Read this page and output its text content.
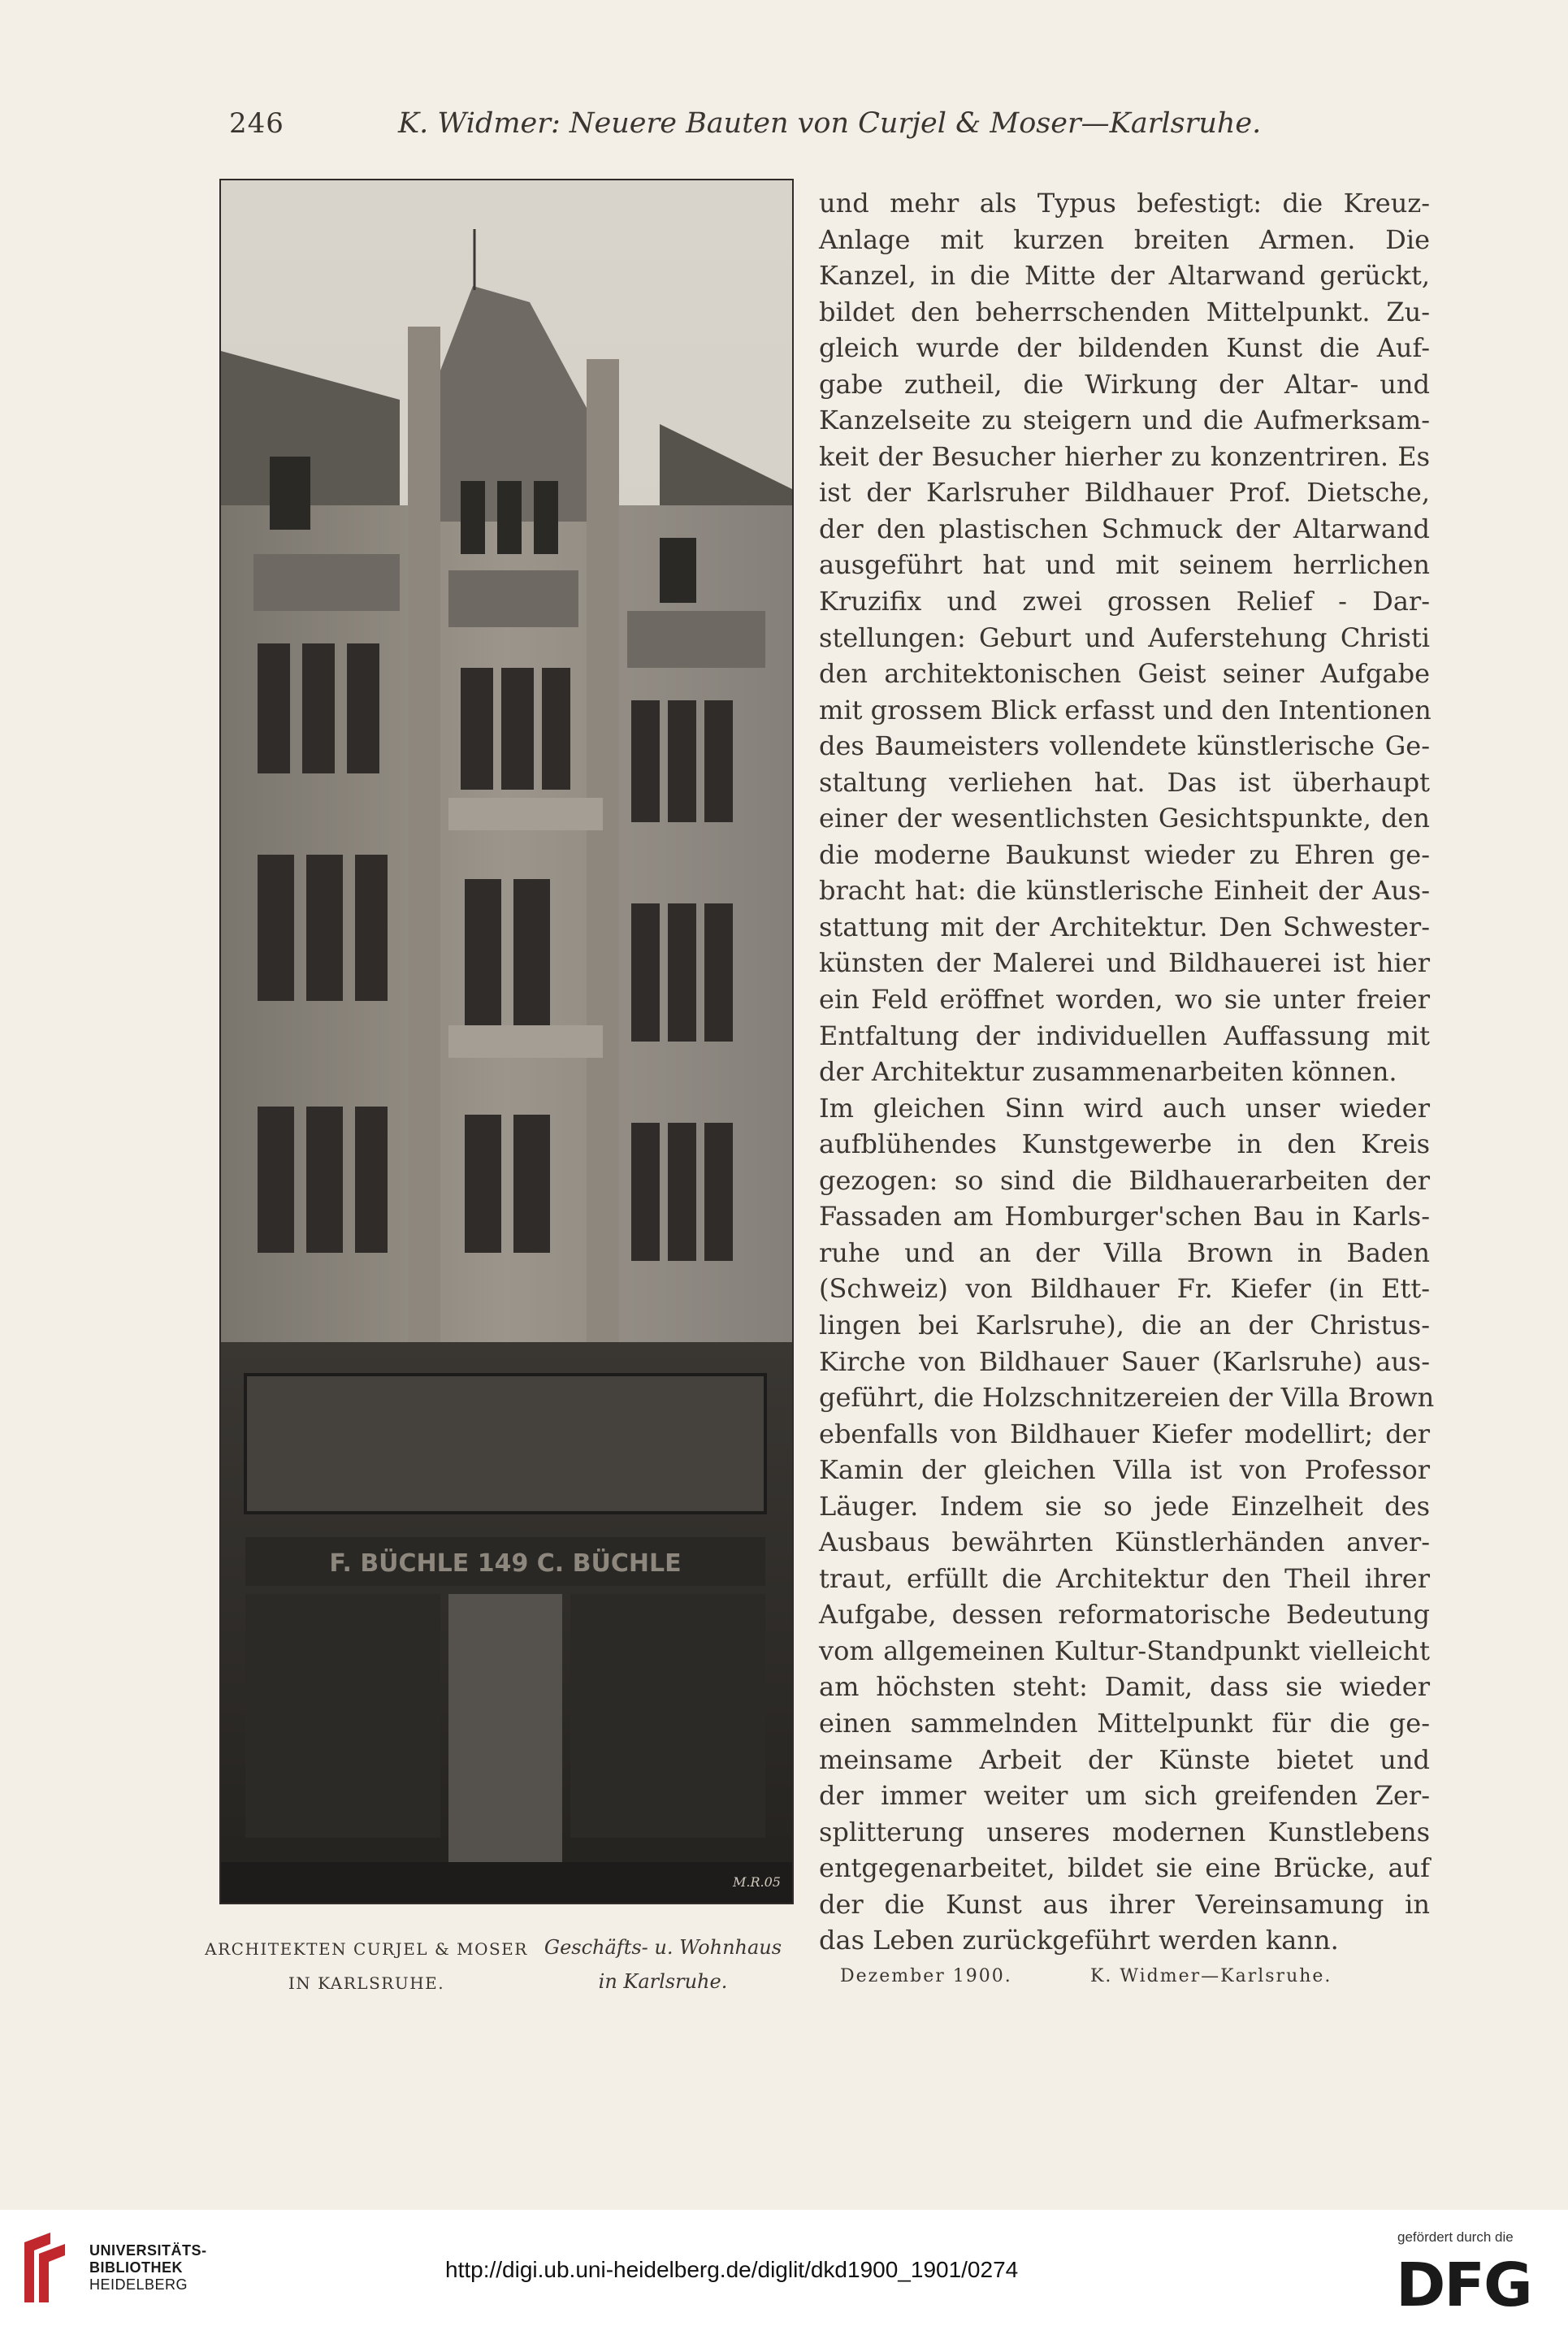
246	K. Widmer: Neuere Bauten von Curjel & Moser—Karlsruhe.
F. BÜCHLE 149 C. BÜCHLE
M.R.05
ARCHITEKTEN CURJEL & MOSER
IN KARLSRUHE.
Geschäfts- u. Wohnhaus
in Karlsruhe.
und mehr als Typus befestigt: die Kreuz-
Anlage mit kurzen breiten Armen. Die
Kanzel, in die Mitte der Altarwand gerückt,
bildet den beherrschenden Mittelpunkt. Zu-
gleich wurde der bildenden Kunst die Auf-
gabe zutheil, die Wirkung der Altar- und
Kanzelseite zu steigern und die Aufmerksam-
keit der Besucher hierher zu konzentriren. Es
ist der Karlsruher Bildhauer Prof. Dietsche,
der den plastischen Schmuck der Altarwand
ausgeführt hat und mit seinem herrlichen
Kruzifix und zwei grossen Relief - Dar-
stellungen: Geburt und Auferstehung Christi
den architektonischen Geist seiner Aufgabe
mit grossem Blick erfasst und den Intentionen
des Baumeisters vollendete künstlerische Ge-
staltung verliehen hat. Das ist überhaupt
einer der wesentlichsten Gesichtspunkte, den
die moderne Baukunst wieder zu Ehren ge-
bracht hat: die künstlerische Einheit der Aus-
stattung mit der Architektur. Den Schwester-
künsten der Malerei und Bildhauerei ist hier
ein Feld eröffnet worden, wo sie unter freier
Entfaltung der individuellen Auffassung mit
der Architektur zusammenarbeiten können.
Im gleichen Sinn wird auch unser wieder
aufblühendes Kunstgewerbe in den Kreis
gezogen: so sind die Bildhauerarbeiten der
Fassaden am Homburger'schen Bau in Karls-
ruhe und an der Villa Brown in Baden
(Schweiz) von Bildhauer Fr. Kiefer (in Ett-
lingen bei Karlsruhe), die an der Christus-
Kirche von Bildhauer Sauer (Karlsruhe) aus-
geführt, die Holzschnitzereien der Villa Brown
ebenfalls von Bildhauer Kiefer modellirt; der
Kamin der gleichen Villa ist von Professor
Läuger. Indem sie so jede Einzelheit des
Ausbaus bewährten Künstlerhänden anver-
traut, erfüllt die Architektur den Theil ihrer
Aufgabe, dessen reformatorische Bedeutung
vom allgemeinen Kultur-Standpunkt vielleicht
am höchsten steht: Damit, dass sie wieder
einen sammelnden Mittelpunkt für die ge-
meinsame Arbeit der Künste bietet und
der immer weiter um sich greifenden Zer-
splitterung unseres modernen Kunstlebens
entgegenarbeitet, bildet sie eine Brücke, auf
der die Kunst aus ihrer Vereinsamung in
das Leben zurückgeführt werden kann.
Dezember 1900.	K. Widmer—Karlsruhe.
UNIVERSITÄTS-
BIBLIOTHEK
HEIDELBERG
http://digi.ub.uni-heidelberg.de/diglit/dkd1900_1901/0274
gefördert durch die
DFG
